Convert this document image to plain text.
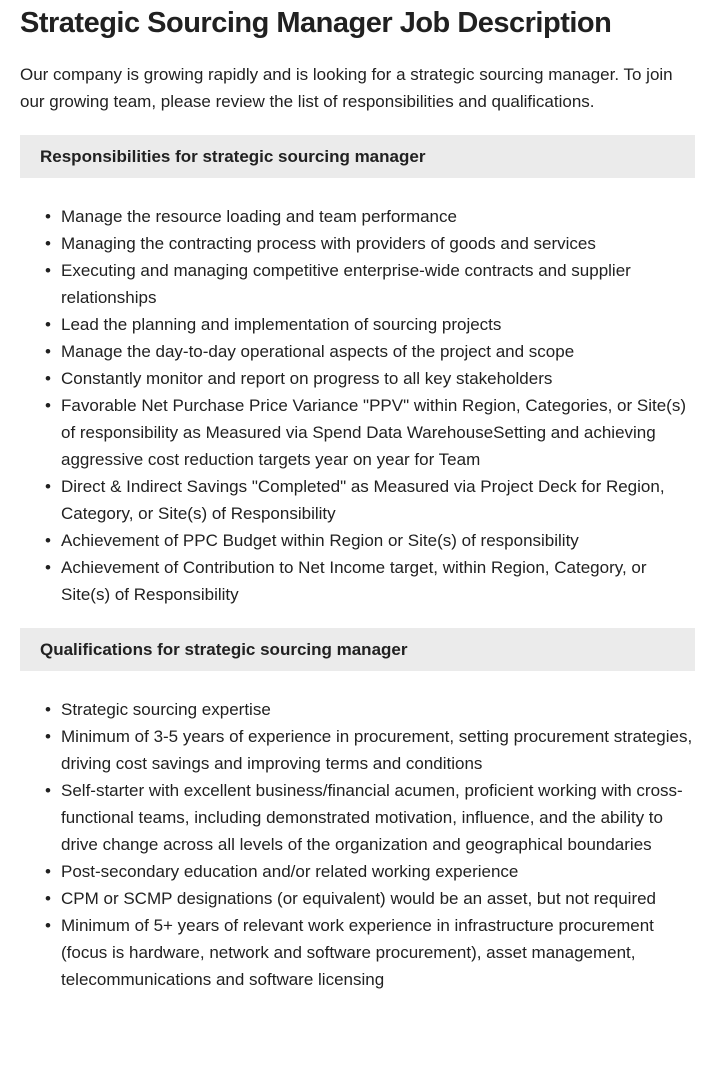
Strategic Sourcing Manager Job Description

Our company is growing rapidly and is looking for a strategic sourcing manager. To join our growing team, please review the list of responsibilities and qualifications.

Responsibilities for strategic sourcing manager
• Manage the resource loading and team performance
• Managing the contracting process with providers of goods and services
• Executing and managing competitive enterprise-wide contracts and supplier relationships
• Lead the planning and implementation of sourcing projects
• Manage the day-to-day operational aspects of the project and scope
• Constantly monitor and report on progress to all key stakeholders
• Favorable Net Purchase Price Variance "PPV" within Region, Categories, or Site(s) of responsibility as Measured via Spend Data WarehouseSetting and achieving aggressive cost reduction targets year on year for Team
• Direct & Indirect Savings "Completed" as Measured via Project Deck for Region, Category, or Site(s) of Responsibility
• Achievement of PPC Budget within Region or Site(s) of responsibility
• Achievement of Contribution to Net Income target, within Region, Category, or Site(s) of Responsibility
Qualifications for strategic sourcing manager
• Strategic sourcing expertise
• Minimum of 3-5 years of experience in procurement, setting procurement strategies, driving cost savings and improving terms and conditions
• Self-starter with excellent business/financial acumen, proficient working with cross-functional teams, including demonstrated motivation, influence, and the ability to drive change across all levels of the organization and geographical boundaries
• Post-secondary education and/or related working experience
• CPM or SCMP designations (or equivalent) would be an asset, but not required
• Minimum of 5+ years of relevant work experience in infrastructure procurement (focus is hardware, network and software procurement), asset management, telecommunications and software licensing
